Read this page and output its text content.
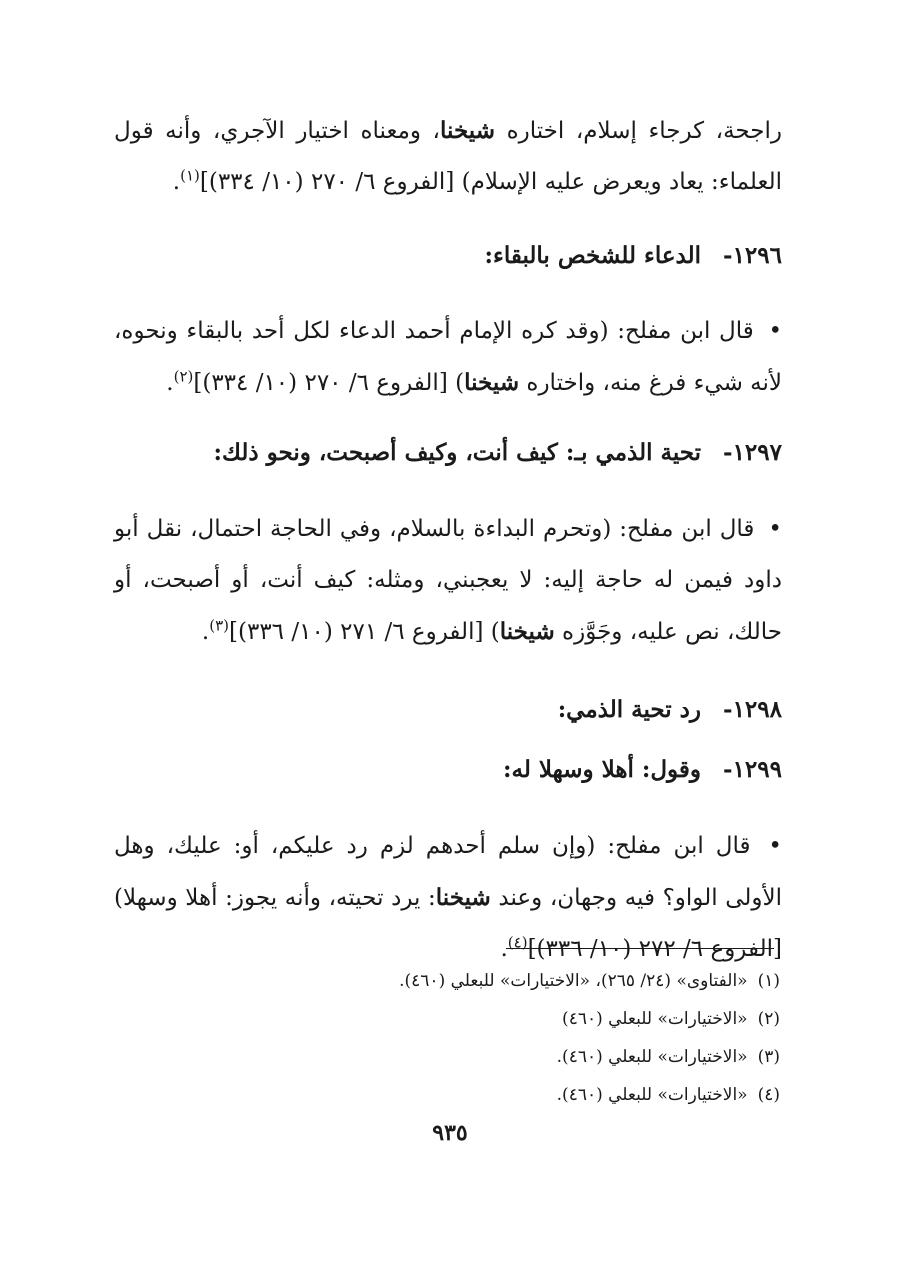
راجحة، كرجاء إسلام، اختاره شيخنا، ومعناه اختيار الآجري، وأنه قول العلماء: يعاد ويعرض عليه الإسلام) [الفروع ٦/ ٢٧٠ (١٠/ ٣٣٤)]$^{(١)}$.

١٢٩٦-الدعاء للشخص بالبقاء:

• قال ابن مفلح: (وقد كره الإمام أحمد الدعاء لكل أحد بالبقاء ونحوه، لأنه شيء فرغ منه، واختاره شيخنا) [الفروع ٦/ ٢٧٠ (١٠/ ٣٣٤)]$^{(٢)}$.

١٢٩٧-تحية الذمي بـ: كيف أنت، وكيف أصبحت، ونحو ذلك:

• قال ابن مفلح: (وتحرم البداءة بالسلام، وفي الحاجة احتمال، نقل أبو داود فيمن له حاجة إليه: لا يعجبني، ومثله: كيف أنت، أو أصبحت، أو حالك، نص عليه، وجَوَّزه شيخنا) [الفروع ٦/ ٢٧١ (١٠/ ٣٣٦)]$^{(٣)}$.

١٢٩٨-رد تحية الذمي:

١٢٩٩-وقول: أهلا وسهلا له:

• قال ابن مفلح: (وإن سلم أحدهم لزم رد عليكم، أو: عليك، وهل الأولى الواو؟ فيه وجهان، وعند شيخنا: يرد تحيته، وأنه يجوز: أهلا وسهلا) [الفروع ٦/ ٢٧٢ (١٠/ ٣٣٦)]$^{(٤)}$.

(١)«الفتاوى» (٢٤/ ٢٦٥)، «الاختيارات» للبعلي (٤٦٠).

(٢)«الاختيارات» للبعلي (٤٦٠)

(٣)«الاختيارات» للبعلي (٤٦٠).

(٤)«الاختيارات» للبعلي (٤٦٠).

٩٣٥
